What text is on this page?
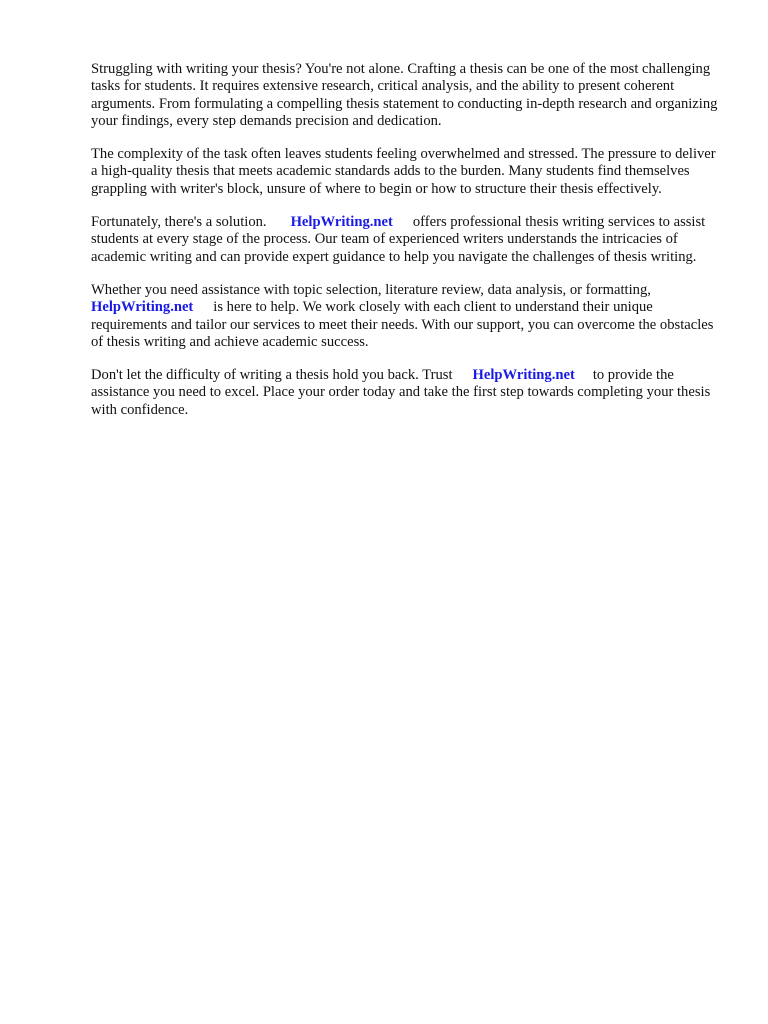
Struggling with writing your thesis? You're not alone. Crafting a thesis can be one of the most challenging tasks for students. It requires extensive research, critical analysis, and the ability to present coherent arguments. From formulating a compelling thesis statement to conducting in-depth research and organizing your findings, every step demands precision and dedication.

The complexity of the task often leaves students feeling overwhelmed and stressed. The pressure to deliver a high-quality thesis that meets academic standards adds to the burden. Many students find themselves grappling with writer's block, unsure of where to begin or how to structure their thesis effectively.

Fortunately, there's a solution. HelpWriting.net offers professional thesis writing services to assist students at every stage of the process. Our team of experienced writers understands the intricacies of academic writing and can provide expert guidance to help you navigate the challenges of thesis writing.

Whether you need assistance with topic selection, literature review, data analysis, or formatting, HelpWriting.net is here to help. We work closely with each client to understand their unique requirements and tailor our services to meet their needs. With our support, you can overcome the obstacles of thesis writing and achieve academic success.

Don't let the difficulty of writing a thesis hold you back. Trust HelpWriting.net to provide the assistance you need to excel. Place your order today and take the first step towards completing your thesis with confidence.
